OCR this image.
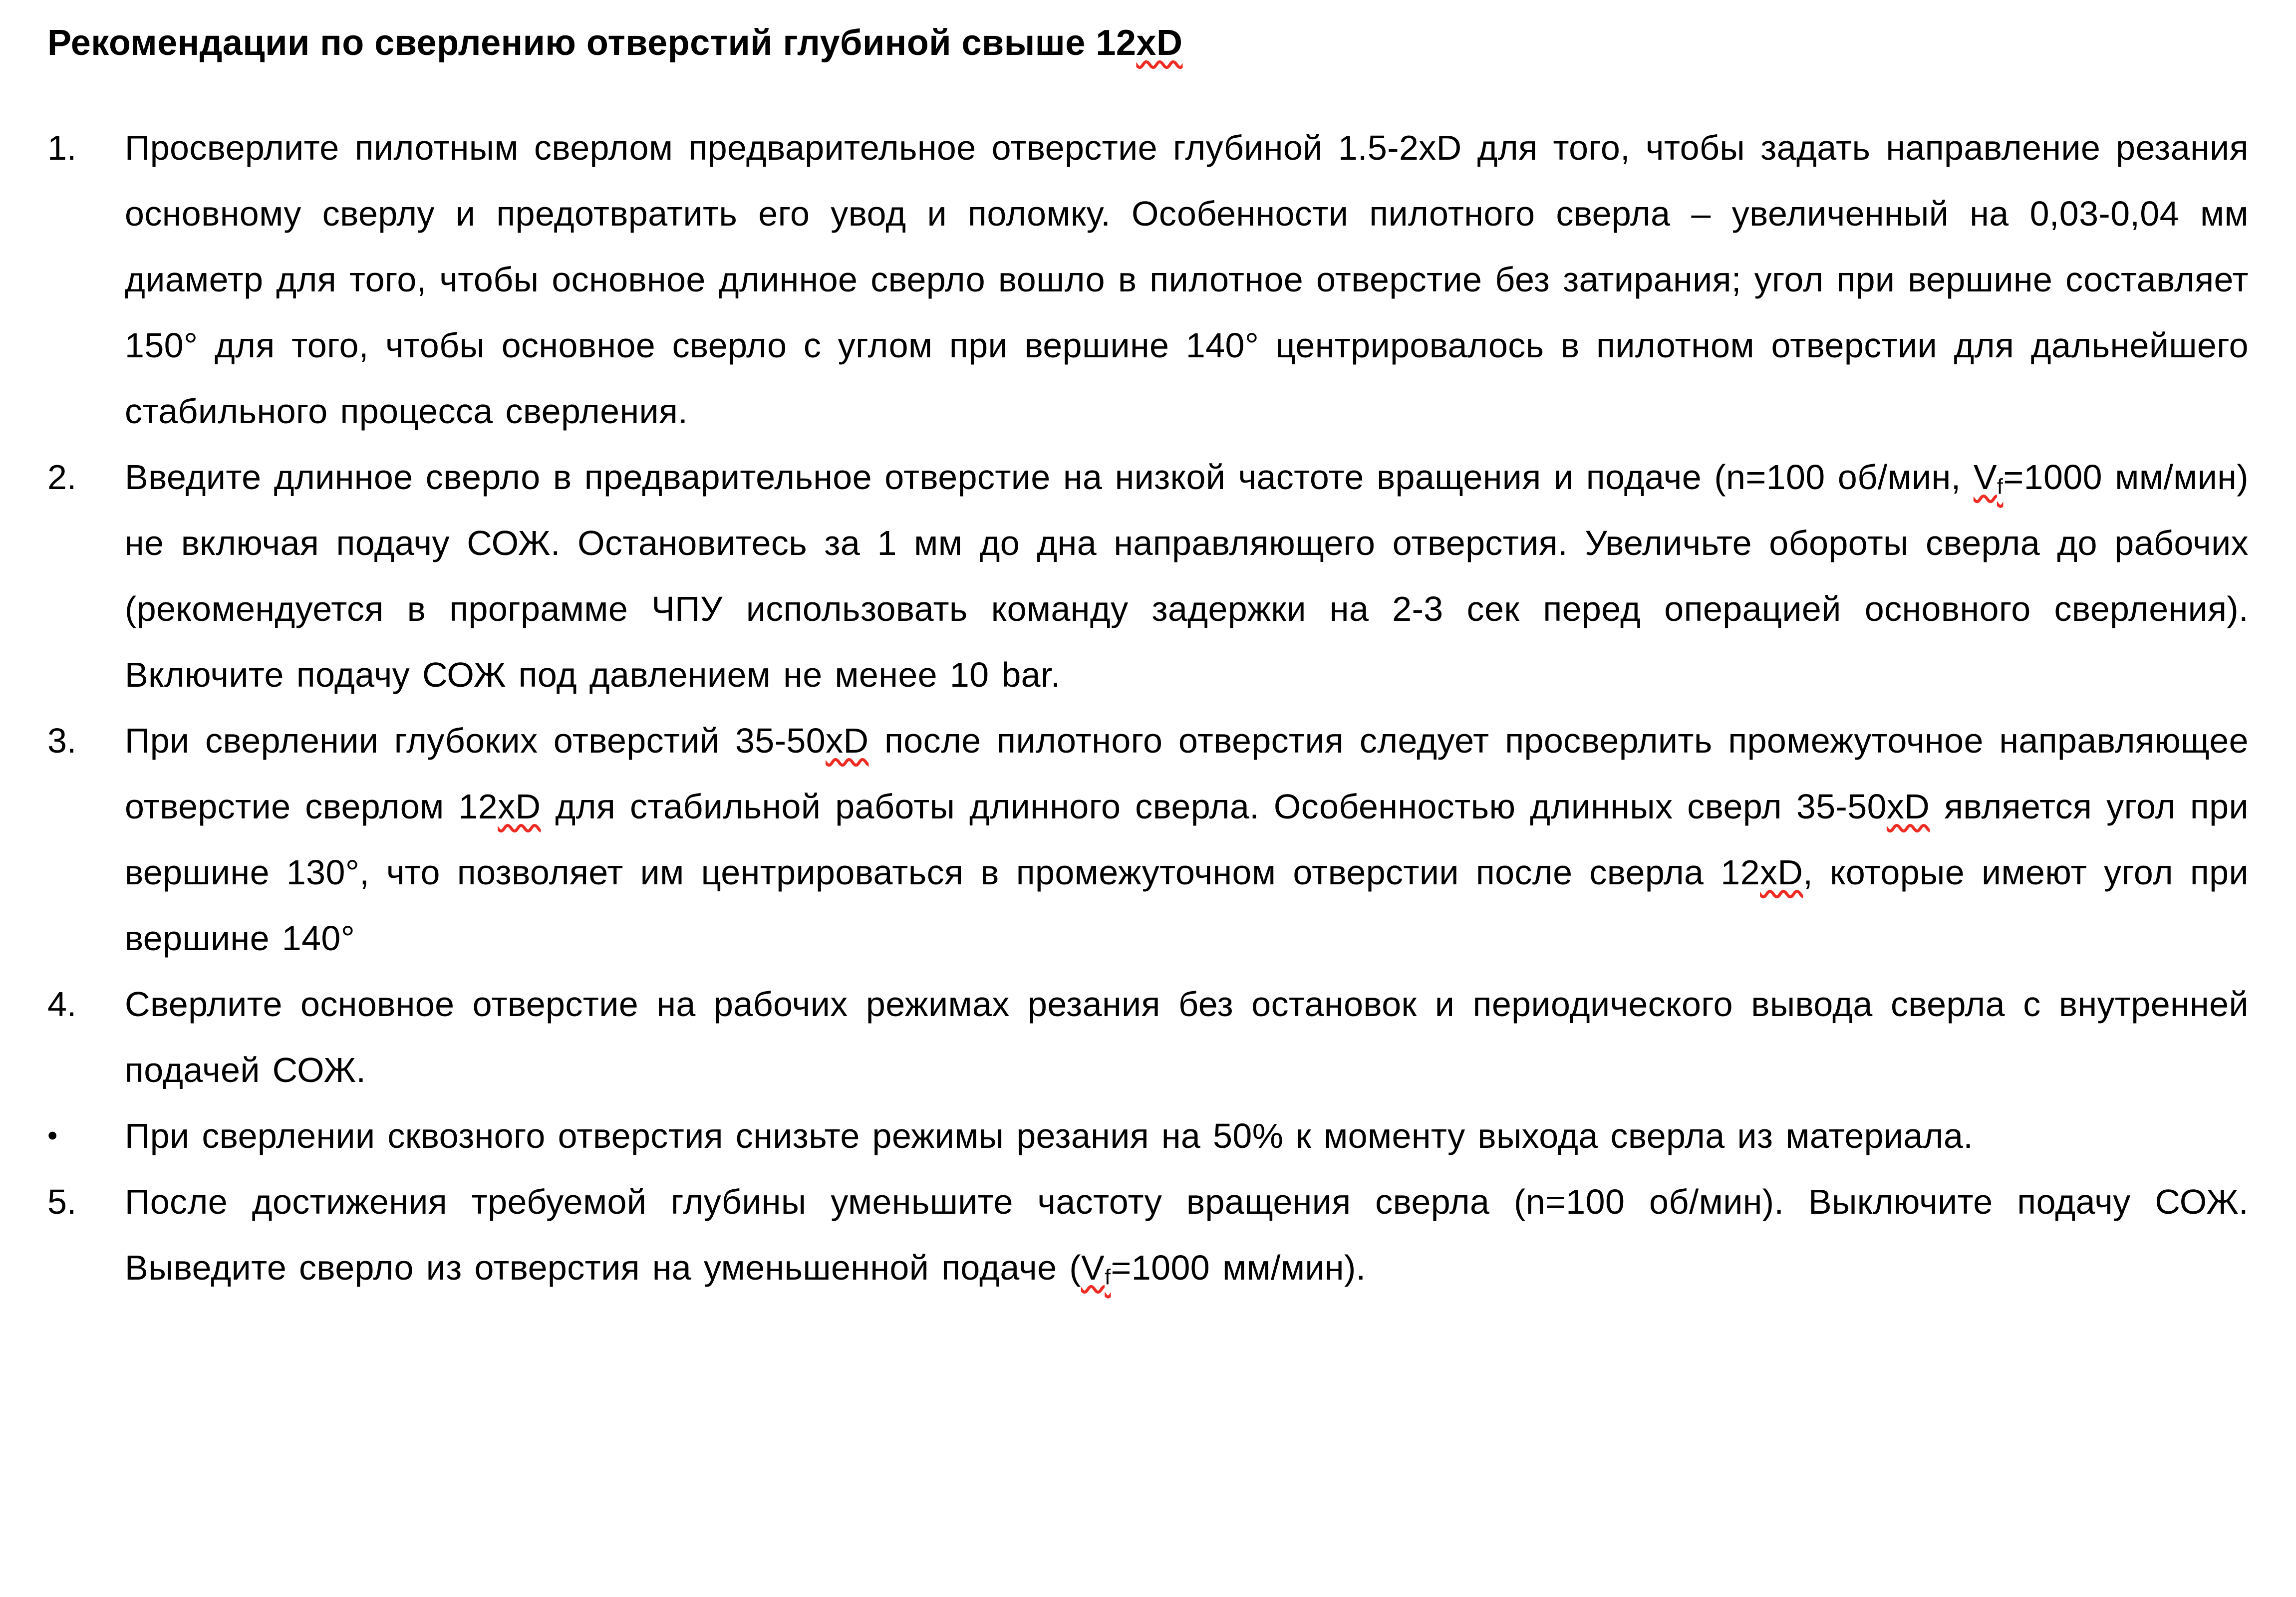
Рекомендации по сверлению отверстий глубиной свыше 12xD
1.	Просверлите пилотным сверлом предварительное отверстие глубиной 1.5-2xD для того, чтобы задать направление резания основному сверлу и предотвратить его увод и поломку. Особенности пилотного сверла – увеличенный на 0,03-0,04 мм диаметр для того, чтобы основное длинное сверло вошло в пилотное отверстие без затирания; угол при вершине составляет 150° для того, чтобы основное сверло с углом при вершине 140° центрировалось в пилотном отверстии для дальнейшего стабильного процесса сверления.

2.	Введите длинное сверло в предварительное отверстие на низкой частоте вращения и подаче (n=100 об/мин, $V_f=1000$ мм/мин) не включая подачу СОЖ. Остановитесь за 1 мм до дна направляющего отверстия. Увеличьте обороты сверла до рабочих (рекомендуется в программе ЧПУ использовать команду задержки на 2-3 сек перед операцией основного сверления). Включите подачу СОЖ под давлением не менее 10 bar.

3.	При сверлении глубоких отверстий 35-50xD после пилотного отверстия следует просверлить промежуточное направляющее отверстие сверлом 12xD для стабильной работы длинного сверла. Особенностью длинных сверл 35-50xD является угол при вершине 130°, что позволяет им центрироваться в промежуточном отверстии после сверла 12xD, которые имеют угол при вершине 140°

4.	Сверлите основное отверстие на рабочих режимах резания без остановок и периодического вывода сверла с внутренней подачей СОЖ.

•	При сверлении сквозного отверстия снизьте режимы резания на 50% к моменту выхода сверла из материала.

5.	После достижения требуемой глубины уменьшите частоту вращения сверла (n=100 об/мин). Выключите подачу СОЖ. Выведите сверло из отверстия на уменьшенной подаче ($V_f=1000$ мм/мин).
